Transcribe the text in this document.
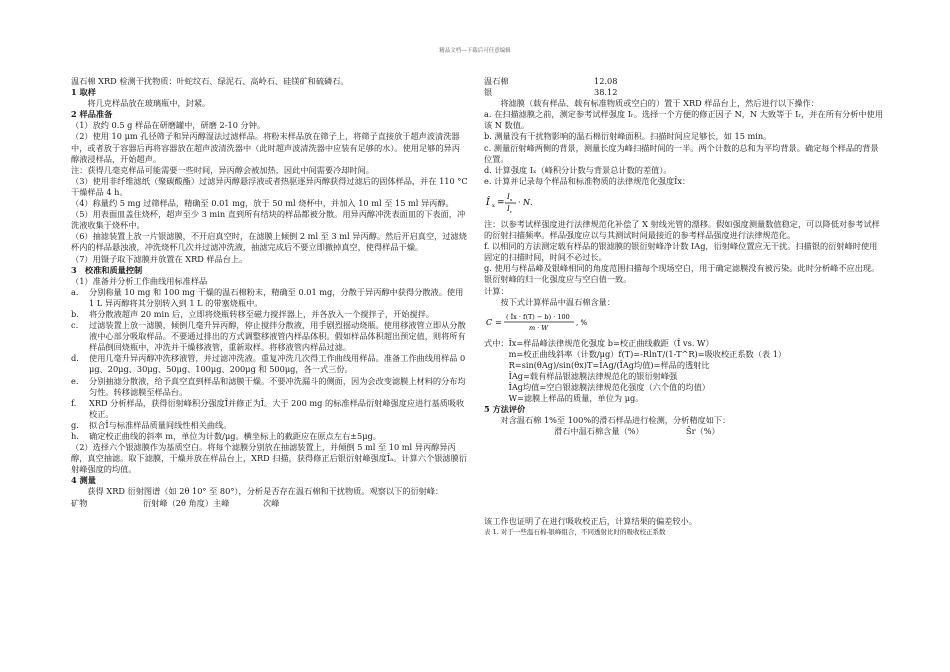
精品文档---下载后可任意编辑

温石棉 XRD 检测干扰物质：叶蛇纹石、绿泥石、高岭石、硅镁矿和硫磷石。

1 取样

将几克样品放在玻璃瓶中，封紧。

2 样品准备

（1）放约 0.5 g 样品在研磨罐中，研磨 2-10 分钟。

（2）使用 10 μm 孔径筛子和异丙醇湿法过滤样品。将粉末样品放在筛子上，将筛子直接放于超声波清洗器中，或者放于容器后再将容器放在超声波清洗器中（此时超声波清洗器中应装有足够的水）。使用足够的异丙醇液浸样品，开始超声。

注：获得几毫克样品可能需要一些时间，异丙醇会被加热，因此中间需要冷却时间。

（3）使用非纤维滤纸（聚碳酸酯）过滤异丙醇悬浮液或者热驱逐异丙醇获得过滤后的固体样品，并在 110 °C 干燥样品 4 h。

（4）称量约 5 mg 过筛样品，精确至 0.01 mg，放于 50 ml 烧杯中，并加入 10 ml 至 15 ml 异丙醇。

（5）用表面皿盖住烧杯，超声至少 3 min 直到所有结块的样品都被分散。用异丙醇冲洗表面皿的下表面，冲洗液收集于烧杯中。

（6）抽滤装置上放一片银滤膜，不开启真空时，在滤膜上倾倒 2 ml 至 3 ml 异丙醇。然后开启真空，过滤烧杯内的样品悬浊液，冲洗烧杯几次并过滤冲洗液，抽滤完成后不要立即撤掉真空，使得样品干燥。

（7）用镊子取下滤膜并放置在 XRD 样品台上。

3　校准和质量控制

（1）准备并分析工作曲线用标准样品

a.	分别称量 10 mg 和 100 mg 干燥的温石棉粉末，精确至 0.01 mg，分散于异丙醇中获得分散液。使用 1 L 异丙醇将其分别转入到 1 L 的带塞烧瓶中。
b.	将分散液超声 20 min 后，立即将烧瓶转移至磁力搅拌器上，并各放入一个搅拌子，开始搅拌。
c.	过滤装置上放一滤膜，倾倒几毫升异丙醇，停止搅拌分散液，用手剧烈摇动烧瓶。使用移液管立即从分散液中心部分吸取样品。不要通过排出的方式调整移液管内样品体积。假如样品体积超出预定值，则将所有样品倒回烧瓶中，冲洗并干燥移液管，重新取样。将移液管内样品过滤。
d.	使用几毫升异丙醇冲洗移液管，并过滤冲洗液。重复冲洗几次得工作曲线用样品。准备工作曲线用样品 0 μg、20μg、30μg、50μg、100μg、200μg 和 500μg，各一式三份。
e.	分别抽滤分散液，给予真空直到样品和滤膜干燥。不要冲洗漏斗的侧面，因为会改变滤膜上材料的分布均匀性。转移滤膜至样品台。
f.	XRD 分析样品，获得衍射峰积分强度Î̂并修正为Î̂。大于 200 mg 的标准样品衍射峰强度应进行基质吸收校正。
g.	拟合Î̂与标准样品质量间线性相关曲线。
h.	确定校正曲线的斜率 m，单位为计数/μg。横坐标上的截距应在原点左右±5μg。

（2）选择六个银滤膜作为基质空白。将每个滤膜分别放在抽滤装置上，并倾倒 5 ml 至 10 ml 异丙醇异丙醇，真空抽滤。取下滤膜，干燥并放在样品台上，XRD 扫描，获得修正后银衍射峰强度Î̂ₐ。计算六个银滤膜衍射峰强度的均值。

4 测量

获得 XRD 衍射图谱（如 2θ 10° 至 80°），分析是否存在温石棉和干扰物质。观察以下的衍射峰：

矿物	衍射峰（2θ 角度）主峰	次峰
温石棉	12.08
银	38.12

将滤膜（载有样品、载有标准物质或空白的）置于 XRD 样品台上，然后进行以下操作：

a. 在扫描滤膜之前，测定参考试样强度 Iᵣ。选择一个方便的修正因子 N，N 大致等于 Iᵣ，并在所有分析中使用该 N 数值。

b. 测量没有干扰物影响的温石棉衍射峰面积。扫描时间应足够长，如 15 min。

c. 测量衍射峰两侧的背景，测量长度为峰扫描时间的一半。两个计数的总和为平均背景。确定每个样品的背景位置。

d. 计算强度 Iₓ（峰积分计数与背景总计数的差值）。

e. 计算并记录每个样品和标准物质的法律规范化强度Îx：

Î x =
I x
I r
· N .

注：以参考试样强度进行法律规范化补偿了 X 射线光管的漂移。假如强度测量数值稳定，可以降低对参考试样的衍射扫描频率。样品强度应以与其测试时间最接近的参考样品强度进行法律规范化。

f. 以相同的方法测定载有样品的银滤膜的银衍射峰净计数 IAg，衍射峰位置应无干扰。扫描银的衍射峰时使用固定的扫描时间，时间不必过长。

g. 使用与样品峰及银峰相同的角度范围扫描每个现场空白，用于确定滤膜没有被污染。此时分析峰不应出现。银衍射峰的归一化强度应与空白值一致。

计算：

按下式计算样品中温石棉含量：

C =
( Îx · f(T) − b) · 100
m · W
, %

式中：Îx=样品峰法律规范化强度 b=校正曲线截距（Î̂ vs. W）

m=校正曲线斜率（计数/μg）f(T)=-RlnT/(1-T^R)=吸收校正系数（表 1）

R=sin(θAg)/sin(θx)T=ÎAg/(Î̂Ag均值)=样品的透射比

ÎAg=载有样品银滤膜法律规范化的银衍射峰强

Î̂Ag均值=空白银滤膜法律规范化强度（六个值的均值）

W=滤膜上样品的质量，单位为 μg。

5 方法评价

对含温石棉 1%至 100%的滑石样品进行检测，分析精度如下：

滑石中温石棉含量（%）	Ŝr（%）

该工作也证明了在进行吸收校正后，计算结果的偏差较小。

表 1. 对于一些温石棉-银峰组合，不同透射比时的吸收校正系数
